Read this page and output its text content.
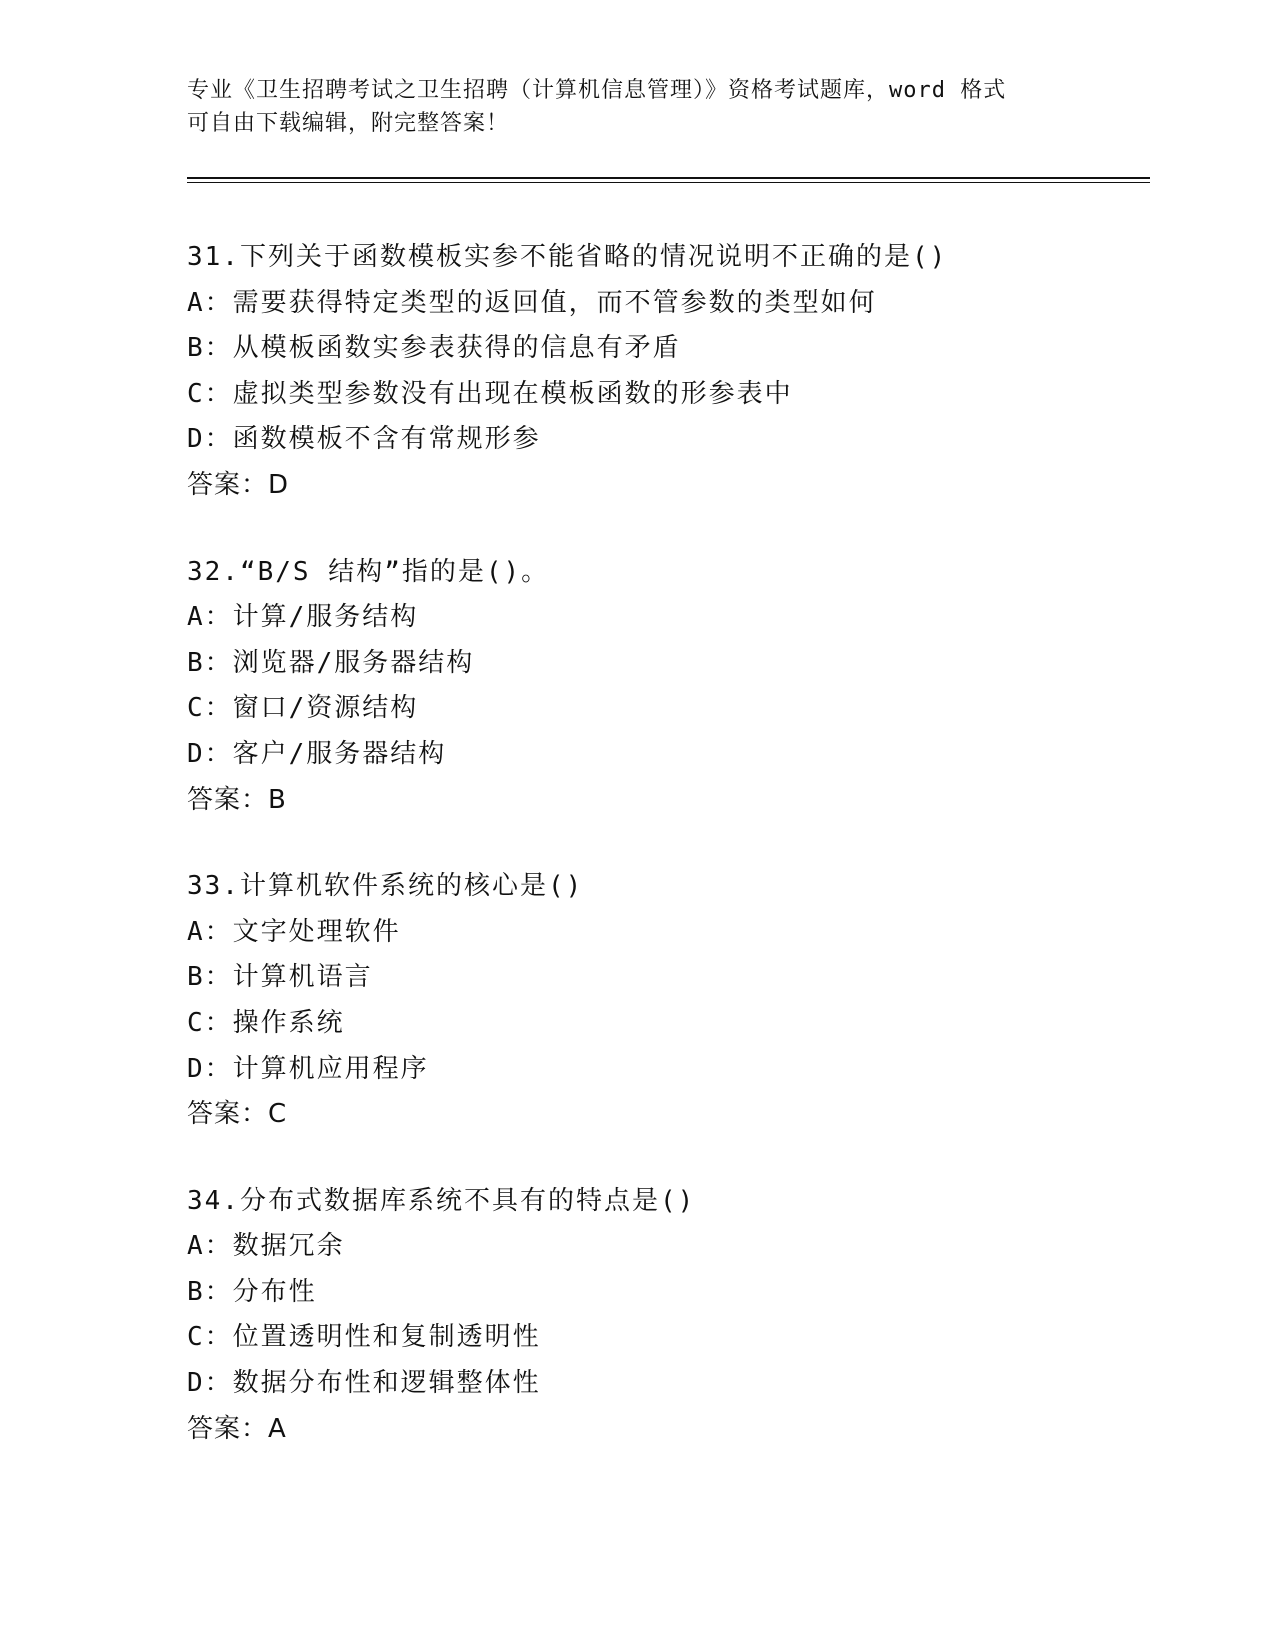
专业《卫生招聘考试之卫生招聘（计算机信息管理）》资格考试题库，word 格式
可自由下载编辑，附完整答案！
31.下列关于函数模板实参不能省略的情况说明不正确的是()
A：需要获得特定类型的返回值，而不管参数的类型如何
B：从模板函数实参表获得的信息有矛盾
C：虚拟类型参数没有出现在模板函数的形参表中
D：函数模板不含有常规形参
答案：D
32.“B/S 结构”指的是()。
A：计算/服务结构
B：浏览器/服务器结构
C：窗口/资源结构
D：客户/服务器结构
答案：B
33.计算机软件系统的核心是()
A：文字处理软件
B：计算机语言
C：操作系统
D：计算机应用程序
答案：C
34.分布式数据库系统不具有的特点是()
A：数据冗余
B：分布性
C：位置透明性和复制透明性
D：数据分布性和逻辑整体性
答案：A
